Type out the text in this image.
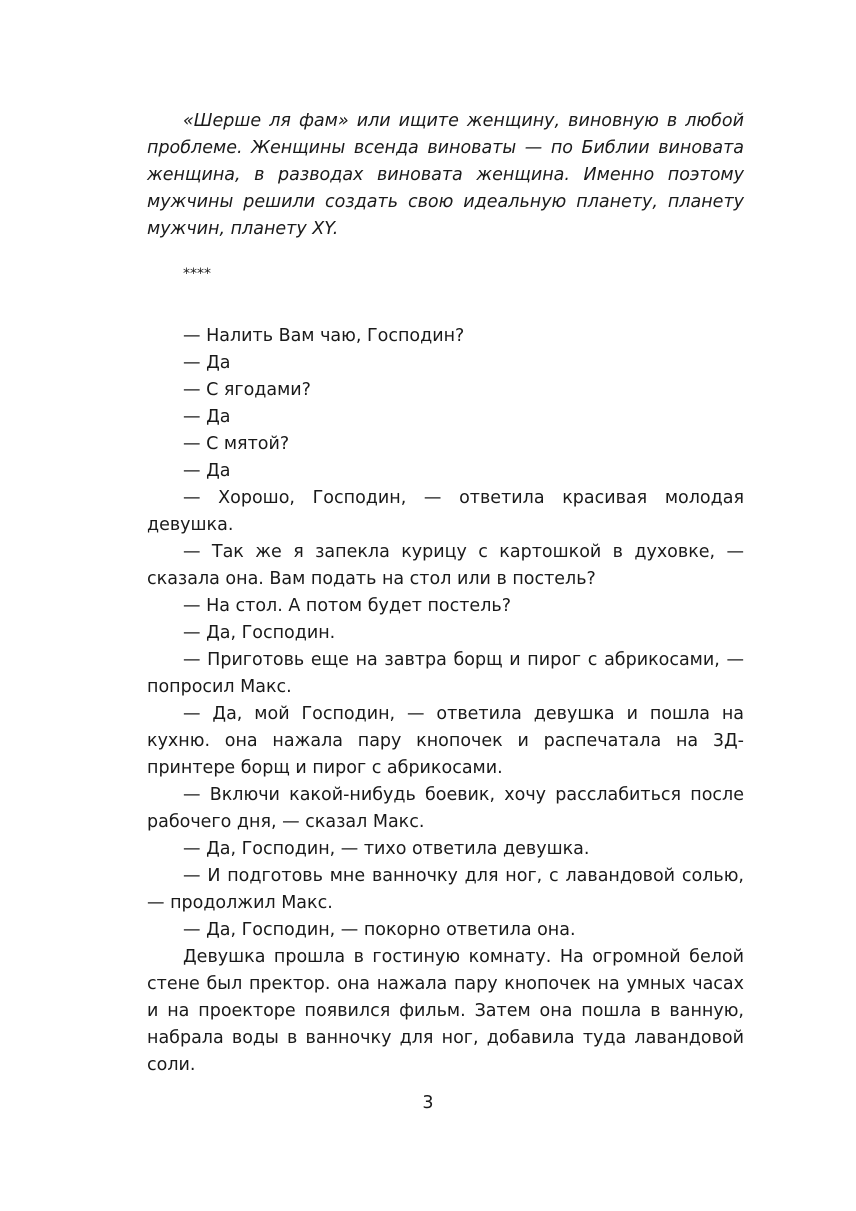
«Шерше ля фам» или ищите женщину, виновную в любой проблеме. Женщины всенда виноваты — по Библии виновата женщина, в разводах виновата женщина. Именно поэтому мужчины решили создать свою идеальную планету, планету мужчин, планету XY.

****

— Налить Вам чаю, Господин?

— Да

— С ягодами?

— Да

— С мятой?

— Да

— Хорошо, Господин, — ответила красивая молодая девушка.

— Так же я запекла курицу с картошкой в духовке, — сказала она. Вам подать на стол или в постель?

— На стол. А потом будет постель?

— Да, Господин.

— Приготовь еще на завтра борщ и пирог с абрикосами, — попросил Макс.

— Да, мой Господин, — ответила девушка и пошла на кухню. она нажала пару кнопочек и распечатала на 3Д-принтере борщ и пирог с абрикосами.

— Включи какой-нибудь боевик, хочу расслабиться после рабочего дня, — сказал Макс.

— Да, Господин, — тихо ответила девушка.

— И подготовь мне ванночку для ног, с лавандовой солью, — продолжил Макс.

— Да, Господин, — покорно ответила она.

Девушка прошла в гостиную комнату. На огромной белой стене был пректор. она нажала пару кнопочек на умных часах и на проекторе появился фильм. Затем она пошла в ванную, набрала воды в ванночку для ног, добавила туда лавандовой соли.

3
